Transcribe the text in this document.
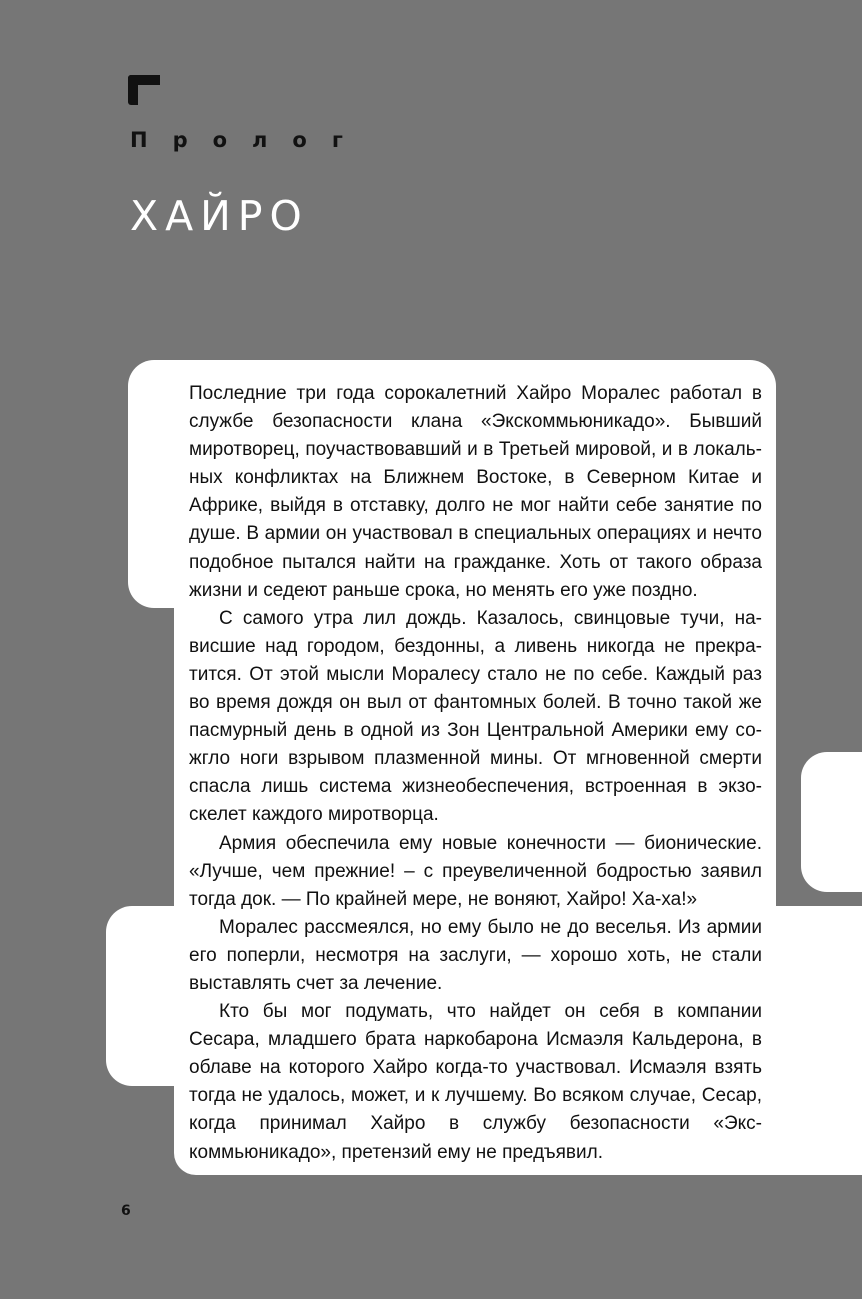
Пролог
ХАЙРО

Последние три года сорокалетний Хайро Моралес работал в службе безопасности клана «Экскоммьюникадо». Бывший миротворец, поучаствовавший и в Третьей мировой, и в локальных конфликтах на Ближнем Востоке, в Северном Китае и Африке, выйдя в отставку, долго не мог найти себе занятие по душе. В армии он участвовал в специальных операциях и нечто подобное пытался найти на гражданке. Хоть от такого образа жизни и седеют раньше срока, но менять его уже поздно.

С самого утра лил дождь. Казалось, свинцовые тучи, нависшие над городом, бездонны, а ливень никогда не прекратится. От этой мысли Моралесу стало не по себе. Каждый раз во время дождя он выл от фантомных болей. В точно такой же пасмурный день в одной из Зон Центральной Америки ему сожгло ноги взрывом плазменной мины. От мгновенной смерти спасла лишь система жизнеобеспечения, встроенная в экзоскелет каждого миротворца.

Армия обеспечила ему новые конечности — бионические. «Лучше, чем прежние! – с преувеличенной бодростью заявил тогда док. — По крайней мере, не воняют, Хайро! Ха-ха!»

Моралес рассмеялся, но ему было не до веселья. Из армии его поперли, несмотря на заслуги, — хорошо хоть, не стали выставлять счет за лечение.

Кто бы мог подумать, что найдет он себя в компании Сесара, младшего брата наркобарона Исмаэля Кальдерона, в облаве на которого Хайро когда-то участвовал. Исмаэля взять тогда не удалось, может, и к лучшему. Во всяком случае, Сесар, когда принимал Хайро в службу безопасности «Экскоммьюникадо», претензий ему не предъявил.

6
